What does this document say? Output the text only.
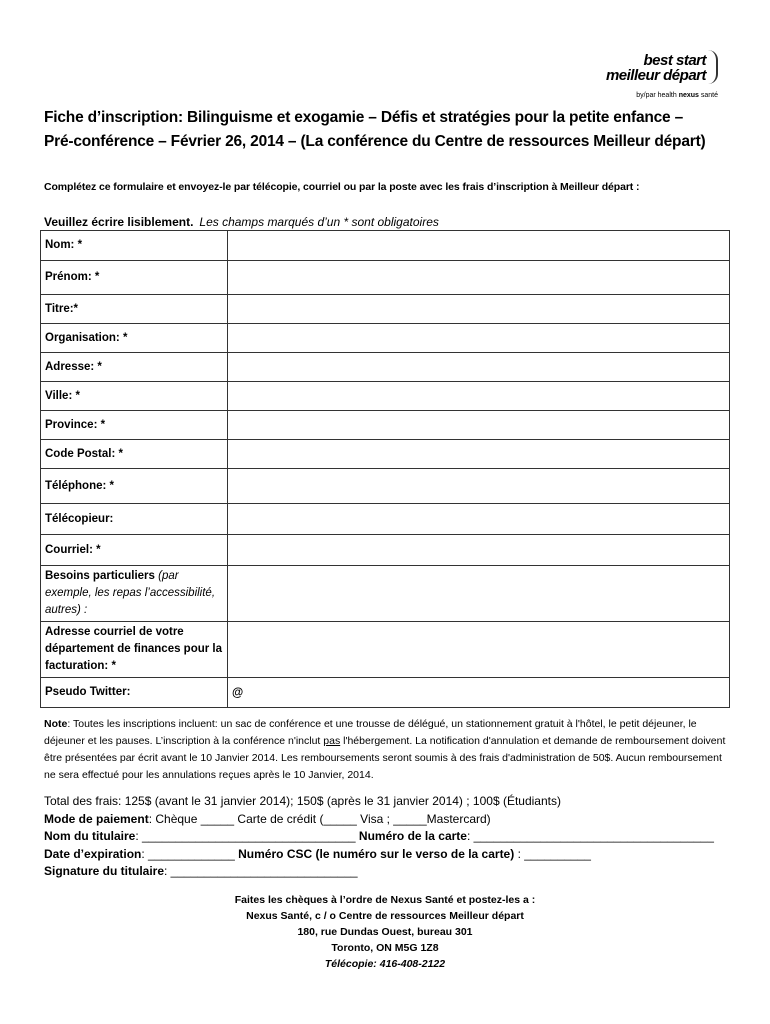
best start
meilleur départ
by/par health nexus santé
Fiche d’inscription: Bilinguisme et exogamie – Défis et stratégies pour la petite enfance –
Pré-conférence – Février 26, 2014 – (La conférence du Centre de ressources Meilleur départ)
Complétez ce formulaire et envoyez-le par télécopie, courriel ou par la poste avec les frais d’inscription à Meilleur départ :
Veuillez écrire lisiblement. Les champs marqués d’un * sont obligatoires
Nom: *	
Prénom: *	
Titre:*	
Organisation: *	
Adresse: *	
Ville: *	
Province: *	
Code Postal: *	
Téléphone: *	
Télécopieur:	
Courriel: *	
Besoins particuliers (par exemple, les repas l’accessibilité, autres) :	
Adresse courriel de votre département de finances pour la facturation: *	
Pseudo Twitter:	@
Note: Toutes les inscriptions incluent: un sac de conférence et une trousse de délégué, un stationnement gratuit à l'hôtel, le petit déjeuner, le déjeuner et les pauses. L’inscription à la conférence n'inclut pas l'hébergement. La notification d'annulation et demande de remboursement doivent être présentées par écrit avant le 10 Janvier 2014. Les remboursements seront soumis à des frais d'administration de 50$. Aucun remboursement ne sera effectué pour les annulations reçues après le 10 Janvier, 2014.
Total des frais: 125$ (avant le 31 janvier 2014); 150$ (après le 31 janvier 2014) ; 100$ (Étudiants)
Mode de paiement: Chèque _____ Carte de crédit (_____ Visa ; _____Mastercard)
Nom du titulaire: ________________________________ Numéro de la carte: ____________________________________
Date d’expiration: _____________ Numéro CSC (le numéro sur le verso de la carte) : __________
Signature du titulaire: ____________________________
Faites les chèques à l’ordre de Nexus Santé et postez-les a :
Nexus Santé, c / o Centre de ressources Meilleur départ
180, rue Dundas Ouest, bureau 301
Toronto, ON M5G 1Z8
Télécopie: 416-408-2122
